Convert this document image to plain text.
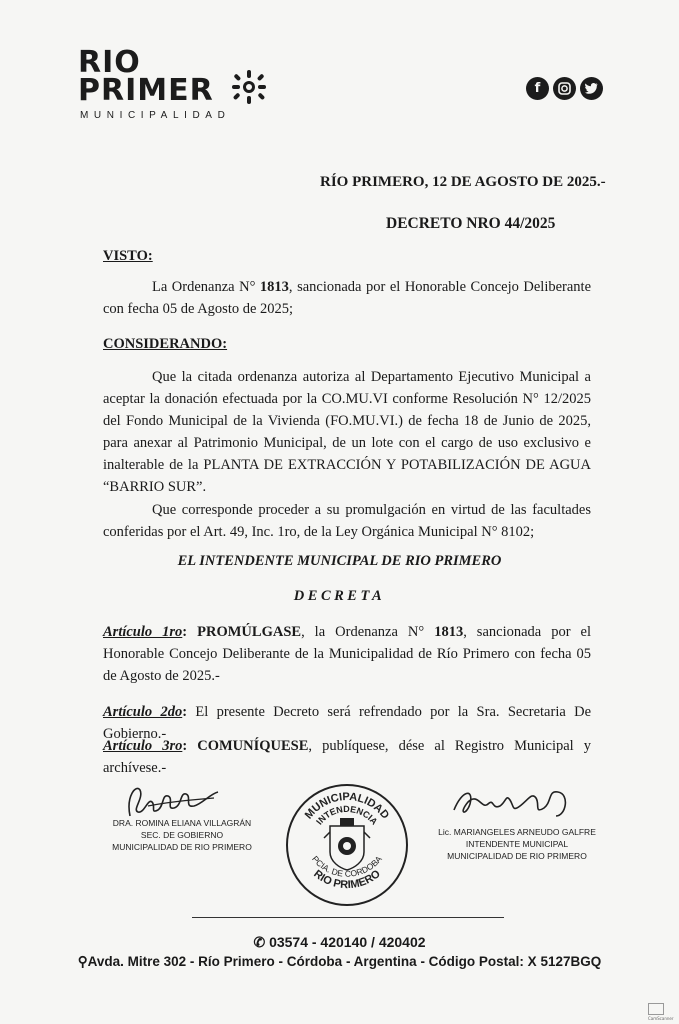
RIO
PRIMER
MUNICIPALIDAD
f
RÍO PRIMERO, 12 DE AGOSTO DE 2025.-
DECRETO NRO 44/2025
VISTO:
La Ordenanza N° 1813, sancionada por el Honorable Concejo Deliberante con fecha 05 de Agosto de 2025;
CONSIDERANDO:
Que la citada ordenanza autoriza al Departamento Ejecutivo Municipal a aceptar la donación efectuada por la CO.MU.VI conforme Resolución N° 12/2025 del Fondo Municipal de la Vivienda (FO.MU.VI.) de fecha 18 de Junio de 2025, para anexar al Patrimonio Municipal, de un lote con el cargo de uso exclusivo e inalterable de la PLANTA DE EXTRACCIÓN Y POTABILIZACIÓN DE AGUA “BARRIO SUR”.
Que corresponde proceder a su promulgación en virtud de las facultades conferidas por el Art. 49, Inc. 1ro, de la Ley Orgánica Municipal N° 8102;
EL INTENDENTE MUNICIPAL DE RIO PRIMERO
DECRETA
Artículo 1ro: PROMÚLGASE, la Ordenanza N° 1813, sancionada por el Honorable Concejo Deliberante de la Municipalidad de Río Primero con fecha 05 de Agosto de 2025.-
Artículo 2do: El presente Decreto será refrendado por la Sra. Secretaria De Gobierno.-
Artículo 3ro: COMUNÍQUESE, publíquese, dése al Registro Municipal y archívese.-
DRA. ROMINA ELIANA VILLAGRÁN
SEC. DE GOBIERNO
MUNICIPALIDAD DE RIO PRIMERO
MUNICIPALIDAD
INTENDENCIA
PCIA. DE CORDOBA
RIO PRIMERO
Lic. MARIANGELES ARNEUDO GALFRE
INTENDENTE MUNICIPAL
MUNICIPALIDAD DE RIO PRIMERO
✆ 03574 - 420140 / 420402
⚲Avda. Mitre 302 - Río Primero - Córdoba - Argentina - Código Postal: X 5127BGQ
CamScanner
